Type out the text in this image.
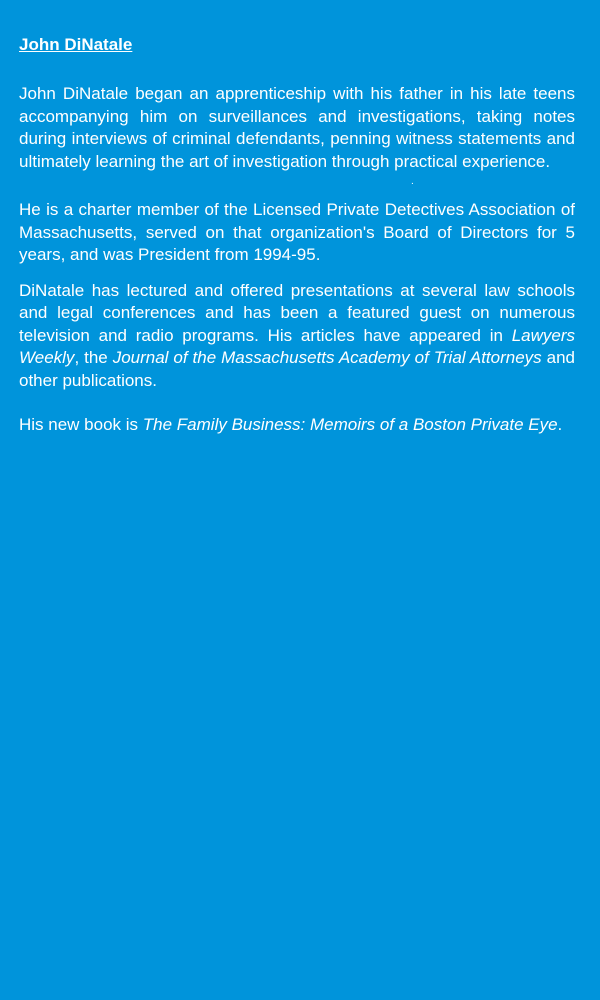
John DiNatale

John DiNatale began an apprenticeship with his father in his late teens accompanying him on surveillances and investigations, taking notes during interviews of criminal defendants, penning witness statements and ultimately learning the art of investigation through practical experience.

.

He is a charter member of the Licensed Private Detectives Association of Massachusetts, served on that organization's Board of Directors for 5 years, and was President from 1994-95.

DiNatale has lectured and offered presentations at several law schools and legal conferences and has been a featured guest on numerous television and radio programs. His articles have appeared in Lawyers Weekly, the Journal of the Massachusetts Academy of Trial Attorneys and other publications.

His new book is The Family Business: Memoirs of a Boston Private Eye.
